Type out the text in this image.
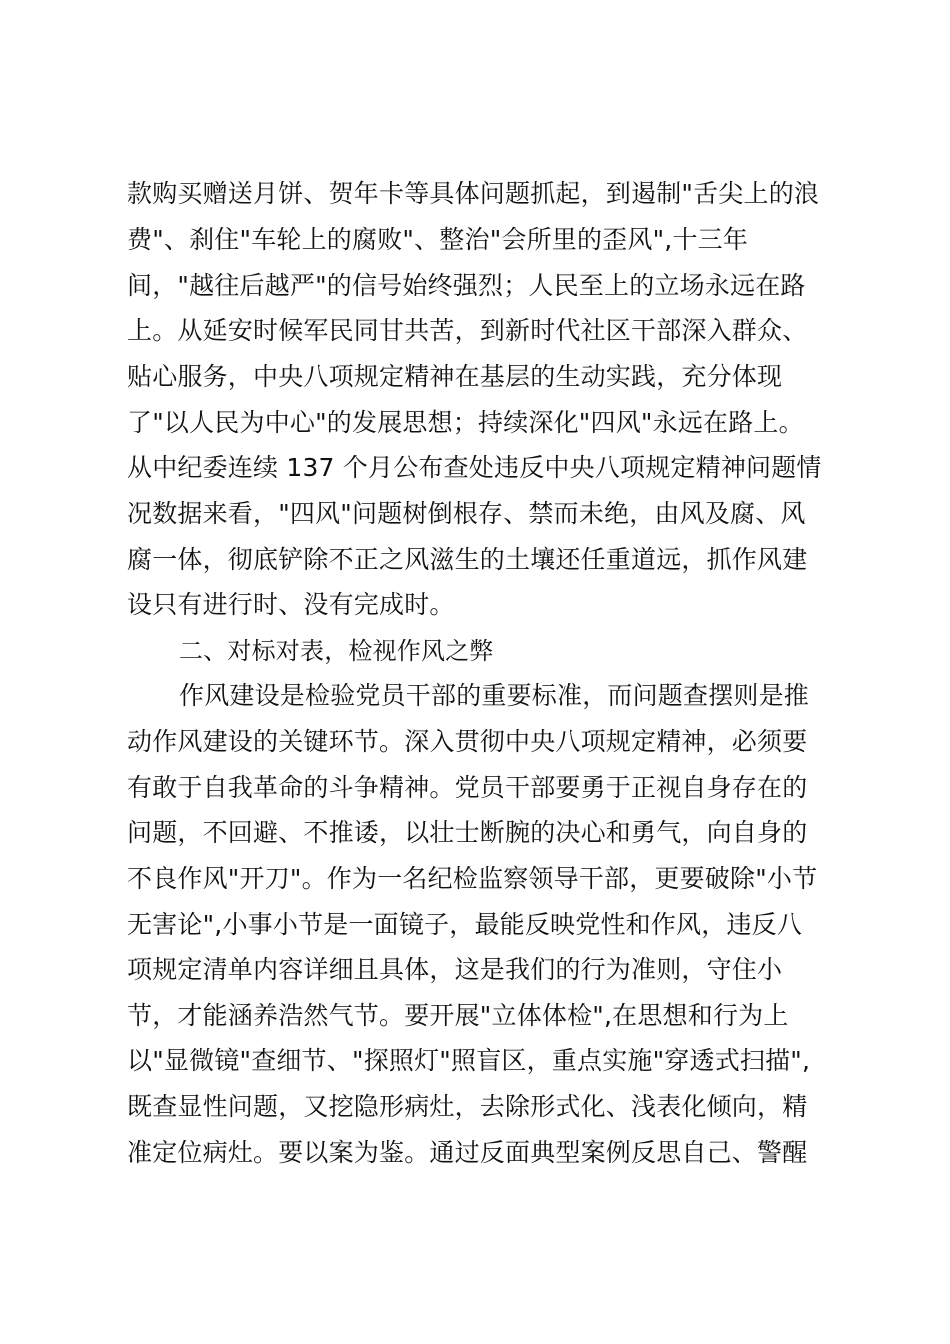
款购买赠送月饼、贺年卡等具体问题抓起，到遏制"舌尖上的浪
费"、刹住"车轮上的腐败"、整治"会所里的歪风",十三年
间，"越往后越严"的信号始终强烈；人民至上的立场永远在路
上。从延安时候军民同甘共苦，到新时代社区干部深入群众、
贴心服务，中央八项规定精神在基层的生动实践，充分体现
了"以人民为中心"的发展思想；持续深化"四风"永远在路上。
从中纪委连续 137 个月公布查处违反中央八项规定精神问题情
况数据来看，"四风"问题树倒根存、禁而未绝，由风及腐、风
腐一体，彻底铲除不正之风滋生的土壤还任重道远，抓作风建
设只有进行时、没有完成时。
二、对标对表，检视作风之弊
作风建设是检验党员干部的重要标准，而问题查摆则是推
动作风建设的关键环节。深入贯彻中央八项规定精神，必须要
有敢于自我革命的斗争精神。党员干部要勇于正视自身存在的
问题，不回避、不推诿，以壮士断腕的决心和勇气，向自身的
不良作风"开刀"。作为一名纪检监察领导干部，更要破除"小节
无害论",小事小节是一面镜子，最能反映党性和作风，违反八
项规定清单内容详细且具体，这是我们的行为准则，守住小
节，才能涵养浩然气节。要开展"立体体检",在思想和行为上
以"显微镜"查细节、"探照灯"照盲区，重点实施"穿透式扫描",
既查显性问题，又挖隐形病灶，去除形式化、浅表化倾向，精
准定位病灶。要以案为鉴。通过反面典型案例反思自己、警醒
